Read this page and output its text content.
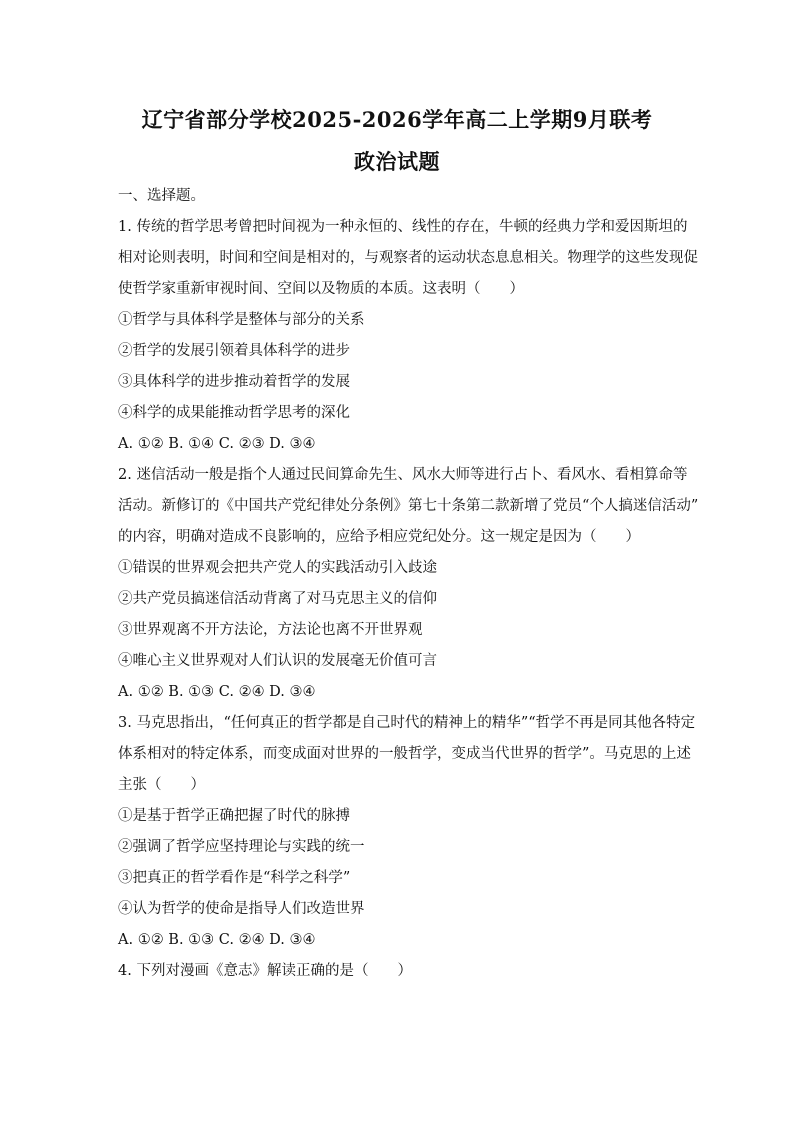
辽宁省部分学校2025-2026学年高二上学期9月联考
政治试题
一、选择题。
1. 传统的哲学思考曾把时间视为一种永恒的、线性的存在，牛顿的经典力学和爱因斯坦的
相对论则表明，时间和空间是相对的，与观察者的运动状态息息相关。物理学的这些发现促
使哲学家重新审视时间、空间以及物质的本质。这表明（　　）
①哲学与具体科学是整体与部分的关系
②哲学的发展引领着具体科学的进步
③具体科学的进步推动着哲学的发展
④科学的成果能推动哲学思考的深化
A. ①② B. ①④ C. ②③ D. ③④
2. 迷信活动一般是指个人通过民间算命先生、风水大师等进行占卜、看风水、看相算命等
活动。新修订的《中国共产党纪律处分条例》第七十条第二款新增了党员“个人搞迷信活动”
的内容，明确对造成不良影响的，应给予相应党纪处分。这一规定是因为（　　）
①错误的世界观会把共产党人的实践活动引入歧途
②共产党员搞迷信活动背离了对马克思主义的信仰
③世界观离不开方法论，方法论也离不开世界观
④唯心主义世界观对人们认识的发展毫无价值可言
A. ①② B. ①③ C. ②④ D. ③④
3. 马克思指出，“任何真正的哲学都是自己时代的精神上的精华”“哲学不再是同其他各特定
体系相对的特定体系，而变成面对世界的一般哲学，变成当代世界的哲学”。马克思的上述
主张（　　）
①是基于哲学正确把握了时代的脉搏
②强调了哲学应坚持理论与实践的统一
③把真正的哲学看作是“科学之科学”
④认为哲学的使命是指导人们改造世界
A. ①② B. ①③ C. ②④ D. ③④
4. 下列对漫画《意志》解读正确的是（　　）
